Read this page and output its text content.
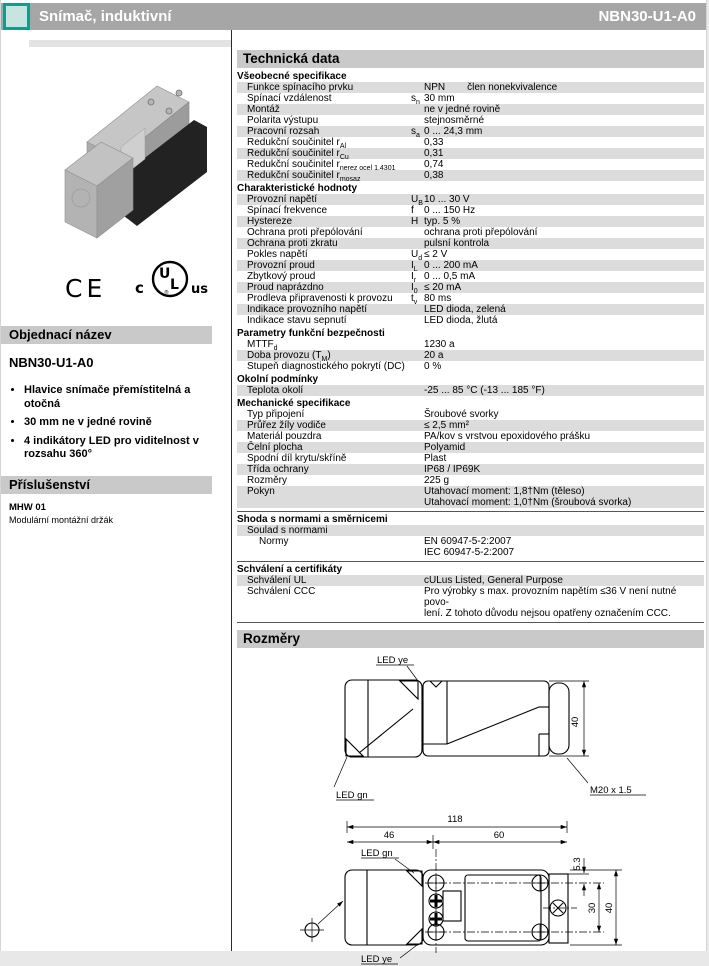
Snímač, induktivní	NBN30-U1-A0
CE c
U
L
® us
Objednací název
NBN30-U1-A0
• Hlavice snímače přemístitelná a otočná
• 30 mm ne v jedné rovině
• 4 indikátory LED pro viditelnost v rozsahu 360°
Příslušenství
MHW 01
Modulární montážní držák
Technická data
Všeobecné specifikace
Funkce spínacího prvku	NPN člen nonekvivalence
Spínací vzdálenost	$s_n$ 30 mm
Montáž	ne v jedné rovině
Polarita výstupu	stejnosměrné
Pracovní rozsah	$s_a$ 0 ... 24,3 mm
Redukční součinitel $r_{Al}$	0,33
Redukční součinitel $r_{Cu}$	0,31
Redukční součinitel $r_{nerez ocel 1.4301}$	0,74
Redukční součinitel $r_{mosaz}$	0,38
Charakteristické hodnoty
Provozní napětí	$U_B$ 10 ... 30 V
Spínací frekvence	f	0 ... 150 Hz
Hystereze	H typ. 5 %
Ochrana proti přepólování	ochrana proti přepólování
Ochrana proti zkratu	pulsní kontrola
Pokles napětí	$U_d \le 2$ V
Provozní proud	$I_L$ 0 ... 200 mA
Zbytkový proud	$I_r$ 0 ... 0,5 mA
Proud naprázdno	$I_0 \le 20$ mA
Prodleva připravenosti k provozu	$t_v$ 80 ms
Indikace provozního napětí	LED dioda, zelená
Indikace stavu sepnutí	LED dioda, žlutá
Parametry funkční bezpečnosti
$MTTF_d$	1230 a
Doba provozu $(T_M)$	20 a
Stupeň diagnostického pokrytí (DC)	0 %
Okolní podmínky
Teplota okolí	-25 ... 85 °C (-13 ... 185 °F)
Mechanické specifikace
Typ připojení	Šroubové svorky
Průřez žíly vodiče	≤ 2,5 mm²
Materiál pouzdra	PA/kov s vrstvou epoxidového prášku
Čelní plocha	Polyamid
Spodní díl krytu/skříně	Plast
Třída ochrany	IP68 / IP69K
Rozměry	225 g
Pokyn	Utahovací moment: 1,8†Nm (těleso)
Utahovací moment: 1,0†Nm (šroubová svorka)
Shoda s normami a směrnicemi
Soulad s normami
Normy	EN 60947-5-2:2007
IEC 60947-5-2:2007
Schválení a certifikáty
Schválení UL	cULus Listed, General Purpose
Schválení CCC	Pro výrobky s max. provozním napětím ≤36 V není nutné povo-
lení. Z tohoto důvodu nejsou opatřeny označením CCC.
Rozměry
LED ye
40
M20 x 1.5
LED gn
118
46	60
LED gn
5.3
30 40
LED ye
